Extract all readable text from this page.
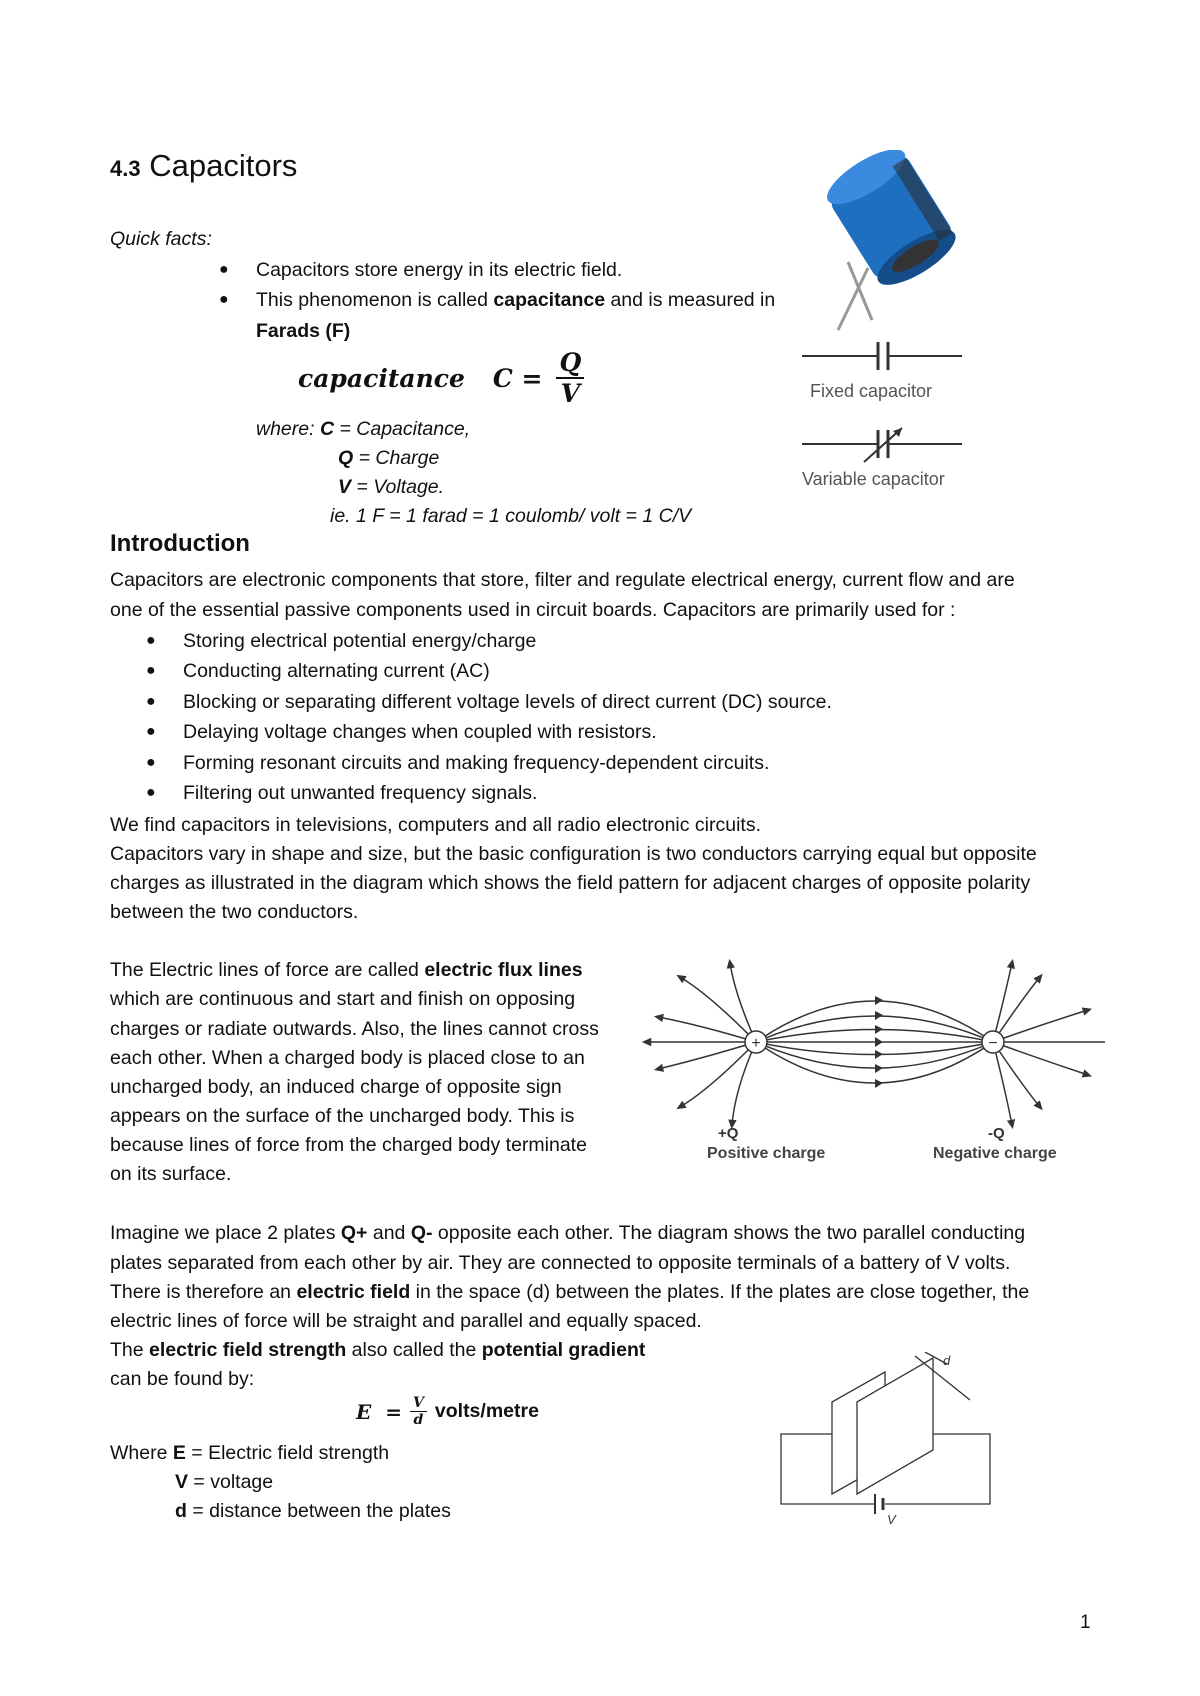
4.3 Capacitors
Quick facts:
● Capacitors store energy in its electric field.
● This phenomenon is called capacitance and is measured in
Farads (F)
capacitance $C = \frac{Q}{V}$
where: C = Capacitance,
Q = Charge
V = Voltage.
ie. 1 F = 1 farad = 1 coulomb/ volt = 1 C/V
Fixed capacitor
Variable capacitor
Introduction
Capacitors are electronic components that store, filter and regulate electrical energy, current flow and are
one of the essential passive components used in circuit boards. Capacitors are primarily used for :
● Storing electrical potential energy/charge
● Conducting alternating current (AC)
● Blocking or separating different voltage levels of direct current (DC) source.
● Delaying voltage changes when coupled with resistors.
● Forming resonant circuits and making frequency-dependent circuits.
● Filtering out unwanted frequency signals.
We find capacitors in televisions, computers and all radio electronic circuits.
Capacitors vary in shape and size, but the basic configuration is two conductors carrying equal but opposite
charges as illustrated in the diagram which shows the field pattern for adjacent charges of opposite polarity
between the two conductors.
The Electric lines of force are called electric flux lines
which are continuous and start and finish on opposing
charges or radiate outwards. Also, the lines cannot cross
each other. When a charged body is placed close to an
uncharged body, an induced charge of opposite sign
appears on the surface of the uncharged body. This is
because lines of force from the charged body terminate
on its surface.
+	−
+Q
Positive charge
-Q
Negative charge
Imagine we place 2 plates Q+ and Q- opposite each other. The diagram shows the two parallel conducting
plates separated from each other by air. They are connected to opposite terminals of a battery of V volts.
There is therefore an electric field in the space (d) between the plates. If the plates are close together, the
electric lines of force will be straight and parallel and equally spaced.
The electric field strength also called the potential gradient
can be found by:
$E = \frac{V}{d}$ volts/metre
Where E = Electric field strength
V = voltage
d = distance between the plates
d
V
1
